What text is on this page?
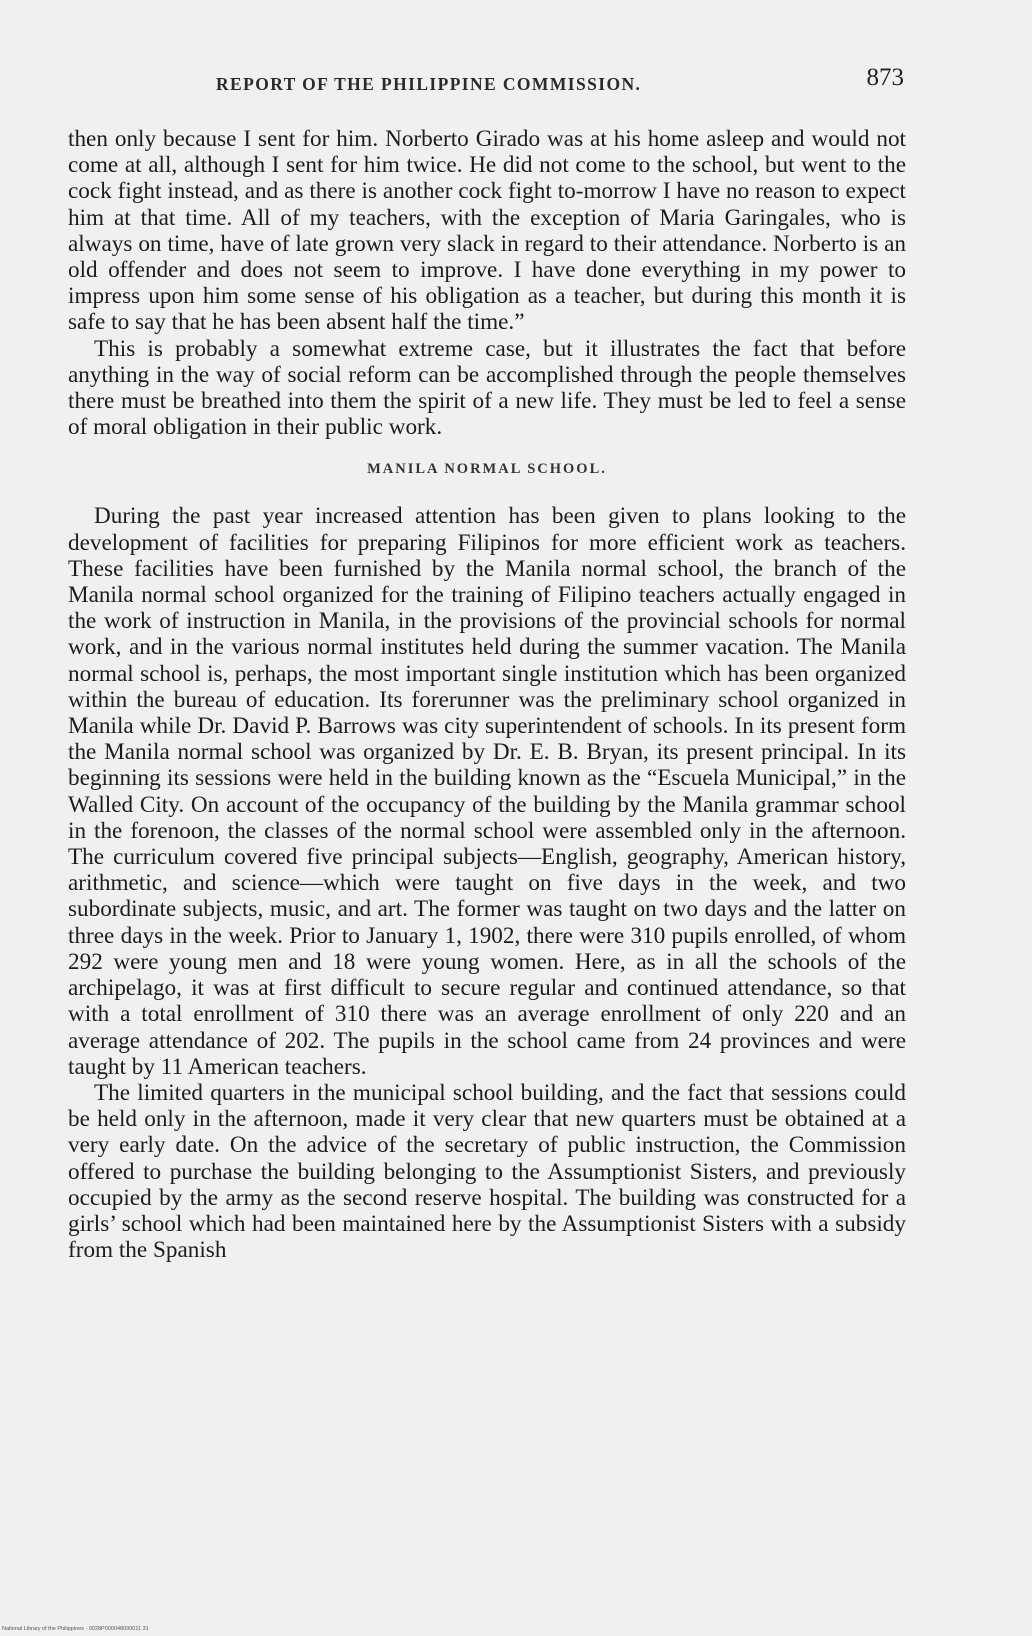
REPORT OF THE PHILIPPINE COMMISSION.	873

then only because I sent for him. Norberto Girado was at his home asleep and would not come at all, although I sent for him twice. He did not come to the school, but went to the cock fight instead, and as there is another cock fight to-morrow I have no reason to expect him at that time. All of my teachers, with the exception of Maria Garingales, who is always on time, have of late grown very slack in regard to their attendance. Norberto is an old offender and does not seem to improve. I have done everything in my power to impress upon him some sense of his obligation as a teacher, but during this month it is safe to say that he has been absent half the time.”

This is probably a somewhat extreme case, but it illustrates the fact that before anything in the way of social reform can be accomplished through the people themselves there must be breathed into them the spirit of a new life. They must be led to feel a sense of moral obligation in their public work.

MANILA NORMAL SCHOOL.

During the past year increased attention has been given to plans looking to the development of facilities for preparing Filipinos for more efficient work as teachers. These facilities have been furnished by the Manila normal school, the branch of the Manila normal school organized for the training of Filipino teachers actually engaged in the work of instruction in Manila, in the provisions of the provincial schools for normal work, and in the various normal institutes held during the summer vacation. The Manila normal school is, perhaps, the most important single institution which has been organized within the bureau of education. Its forerunner was the preliminary school organized in Manila while Dr. David P. Barrows was city superintendent of schools. In its present form the Manila normal school was organized by Dr. E. B. Bryan, its present principal. In its beginning its sessions were held in the building known as the “Escuela Municipal,” in the Walled City. On account of the occupancy of the building by the Manila grammar school in the forenoon, the classes of the normal school were assembled only in the afternoon. The curriculum covered five principal subjects—English, geography, American history, arithmetic, and science—which were taught on five days in the week, and two subordinate subjects, music, and art. The former was taught on two days and the latter on three days in the week. Prior to January 1, 1902, there were 310 pupils enrolled, of whom 292 were young men and 18 were young women. Here, as in all the schools of the archipelago, it was at first difficult to secure regular and continued attendance, so that with a total enrollment of 310 there was an average enrollment of only 220 and an average attendance of 202. The pupils in the school came from 24 provinces and were taught by 11 American teachers.

The limited quarters in the municipal school building, and the fact that sessions could be held only in the afternoon, made it very clear that new quarters must be obtained at a very early date. On the advice of the secretary of public instruction, the Commission offered to purchase the building belonging to the Assumptionist Sisters, and previously occupied by the army as the second reserve hospital. The building was constructed for a girls’ school which had been maintained here by the Assumptionist Sisters with a subsidy from the Spanish

National Library of the Philippines · 0028P000048090011 31
